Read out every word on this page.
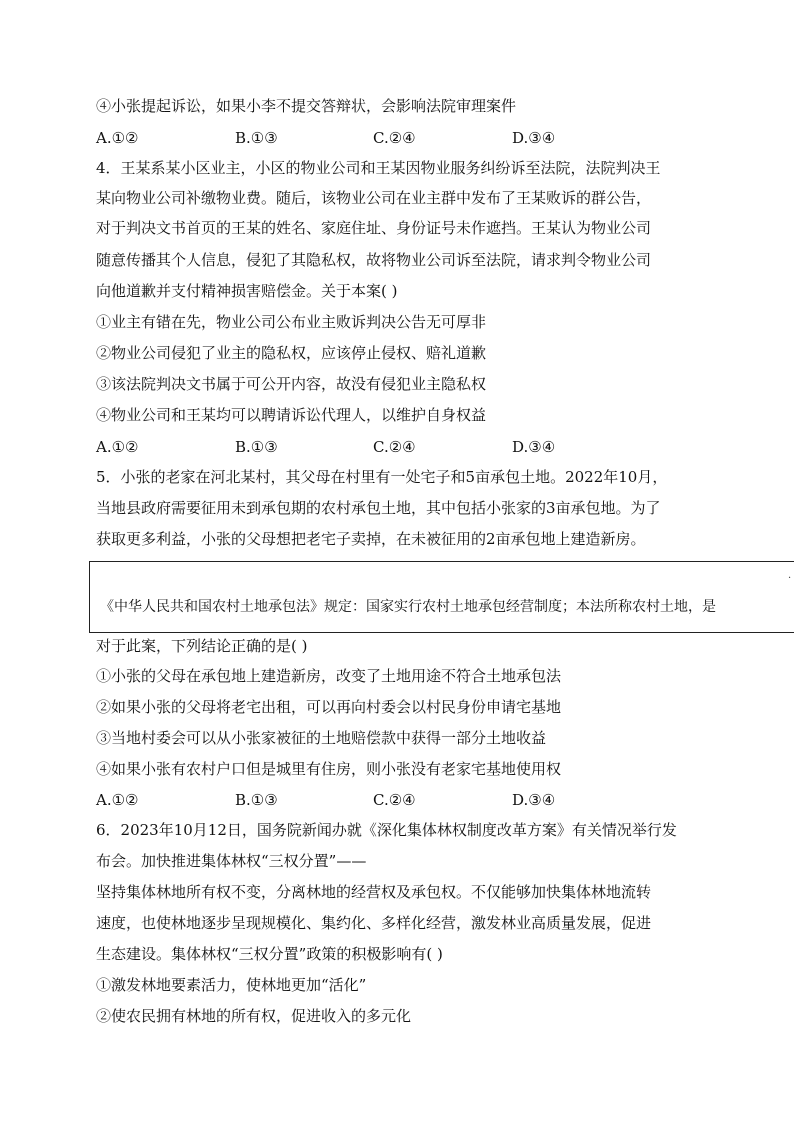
④小张提起诉讼，如果小李不提交答辩状，会影响法院审理案件
A.①②	B.①③	C.②④	D.③④
4．王某系某小区业主，小区的物业公司和王某因物业服务纠纷诉至法院，法院判决王
某向物业公司补缴物业费。随后，该物业公司在业主群中发布了王某败诉的群公告，
对于判决文书首页的王某的姓名、家庭住址、身份证号未作遮挡。王某认为物业公司
随意传播其个人信息，侵犯了其隐私权，故将物业公司诉至法院，请求判令物业公司
向他道歉并支付精神损害赔偿金。关于本案( )
①业主有错在先，物业公司公布业主败诉判决公告无可厚非
②物业公司侵犯了业主的隐私权，应该停止侵权、赔礼道歉
③该法院判决文书属于可公开内容，故没有侵犯业主隐私权
④物业公司和王某均可以聘请诉讼代理人，以维护自身权益
A.①②	B.①③	C.②④	D.③④
5．小张的老家在河北某村，其父母在村里有一处宅子和5亩承包土地。2022年10月，
当地县政府需要征用未到承包期的农村承包土地，其中包括小张家的3亩承包地。为了
获取更多利益，小张的父母想把老宅子卖掉，在未被征用的2亩承包地上建造新房。
·
《中华人民共和国农村土地承包法》规定：国家实行农村土地承包经营制度；本法所称农村土地，是
对于此案，下列结论正确的是( )
①小张的父母在承包地上建造新房，改变了土地用途不符合土地承包法
②如果小张的父母将老宅出租，可以再向村委会以村民身份申请宅基地
③当地村委会可以从小张家被征的土地赔偿款中获得一部分土地收益
④如果小张有农村户口但是城里有住房，则小张没有老家宅基地使用权
A.①②	B.①③	C.②④	D.③④
6．2023年10月12日，国务院新闻办就《深化集体林权制度改革方案》有关情况举行发
布会。加快推进集体林权“三权分置”——
坚持集体林地所有权不变，分离林地的经营权及承包权。不仅能够加快集体林地流转
速度，也使林地逐步呈现规模化、集约化、多样化经营，激发林业高质量发展，促进
生态建设。集体林权“三权分置”政策的积极影响有( )
①激发林地要素活力，使林地更加“活化”
②使农民拥有林地的所有权，促进收入的多元化
